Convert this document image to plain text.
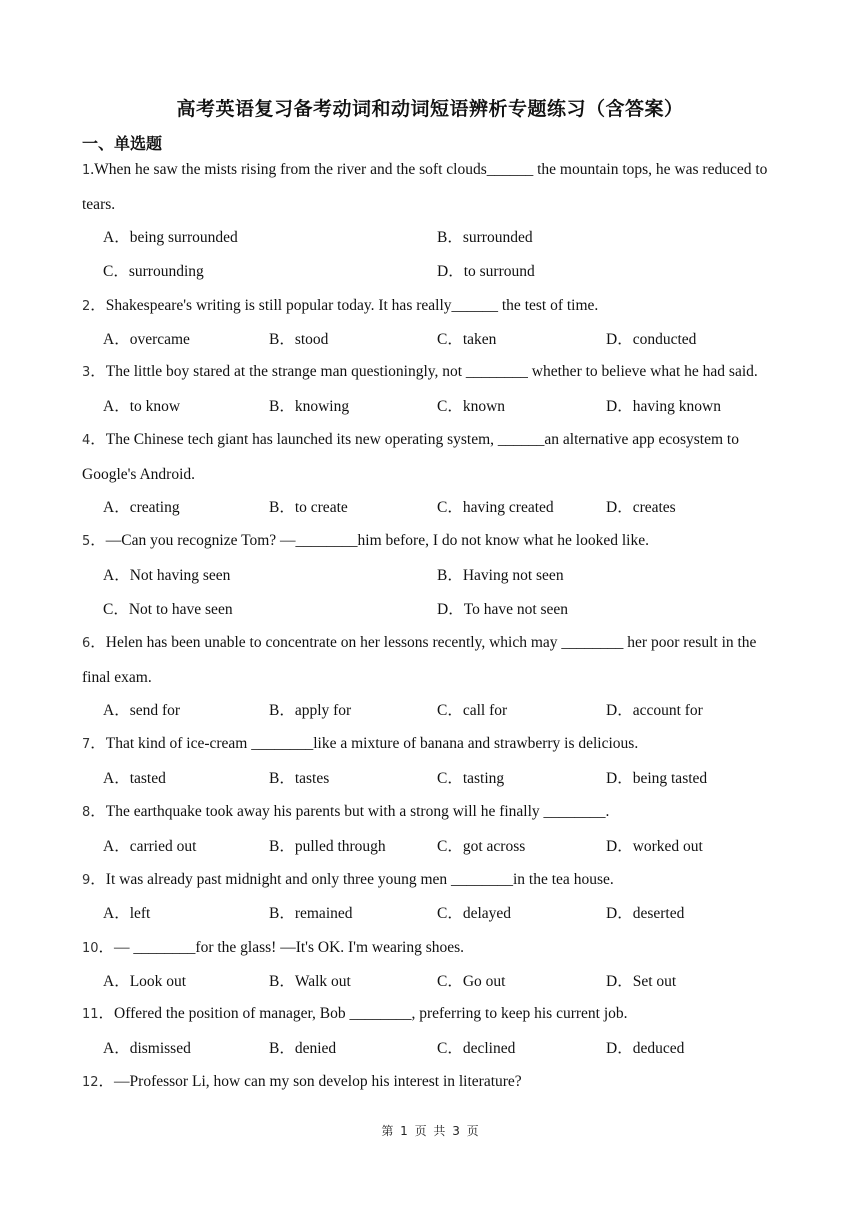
高考英语复习备考动词和动词短语辨析专题练习（含答案）
一、单选题
1.When he saw the mists rising from the river and the soft clouds______ the mountain tops, he was reduced to tears.
A．being surrounded	B．surrounded
C．surrounding	D．to surround
2．Shakespeare's writing is still popular today. It has really______ the test of time.
A．overcame	B．stood	C．taken	D．conducted
3．The little boy stared at the strange man questioningly, not ________ whether to believe what he had said.
A．to know	B．knowing	C．known	D．having known
4．The Chinese tech giant has launched its new operating system, ______an alternative app ecosystem to Google's Android.
A．creating	B．to create	C．having created	D．creates
5．—Can you recognize Tom? —________him before, I do not know what he looked like.
A．Not having seen	B．Having not seen
C．Not to have seen	D．To have not seen
6．Helen has been unable to concentrate on her lessons recently, which may ________ her poor result in the final exam.
A．send for	B．apply for	C．call for	D．account for
7．That kind of ice-cream ________like a mixture of banana and strawberry is delicious.
A．tasted	B．tastes	C．tasting	D．being tasted
8．The earthquake took away his parents but with a strong will he finally ________.
A．carried out	B．pulled through	C．got across	D．worked out
9．It was already past midnight and only three young men ________in the tea house.
A．left	B．remained	C．delayed	D．deserted
10．— ________for the glass! —It's OK. I'm wearing shoes.
A．Look out	B．Walk out	C．Go out	D．Set out
11．Offered the position of manager, Bob ________, preferring to keep his current job.
A．dismissed	B．denied	C．declined	D．deduced
12．—Professor Li, how can my son develop his interest in literature?
第 1 页 共 3 页
